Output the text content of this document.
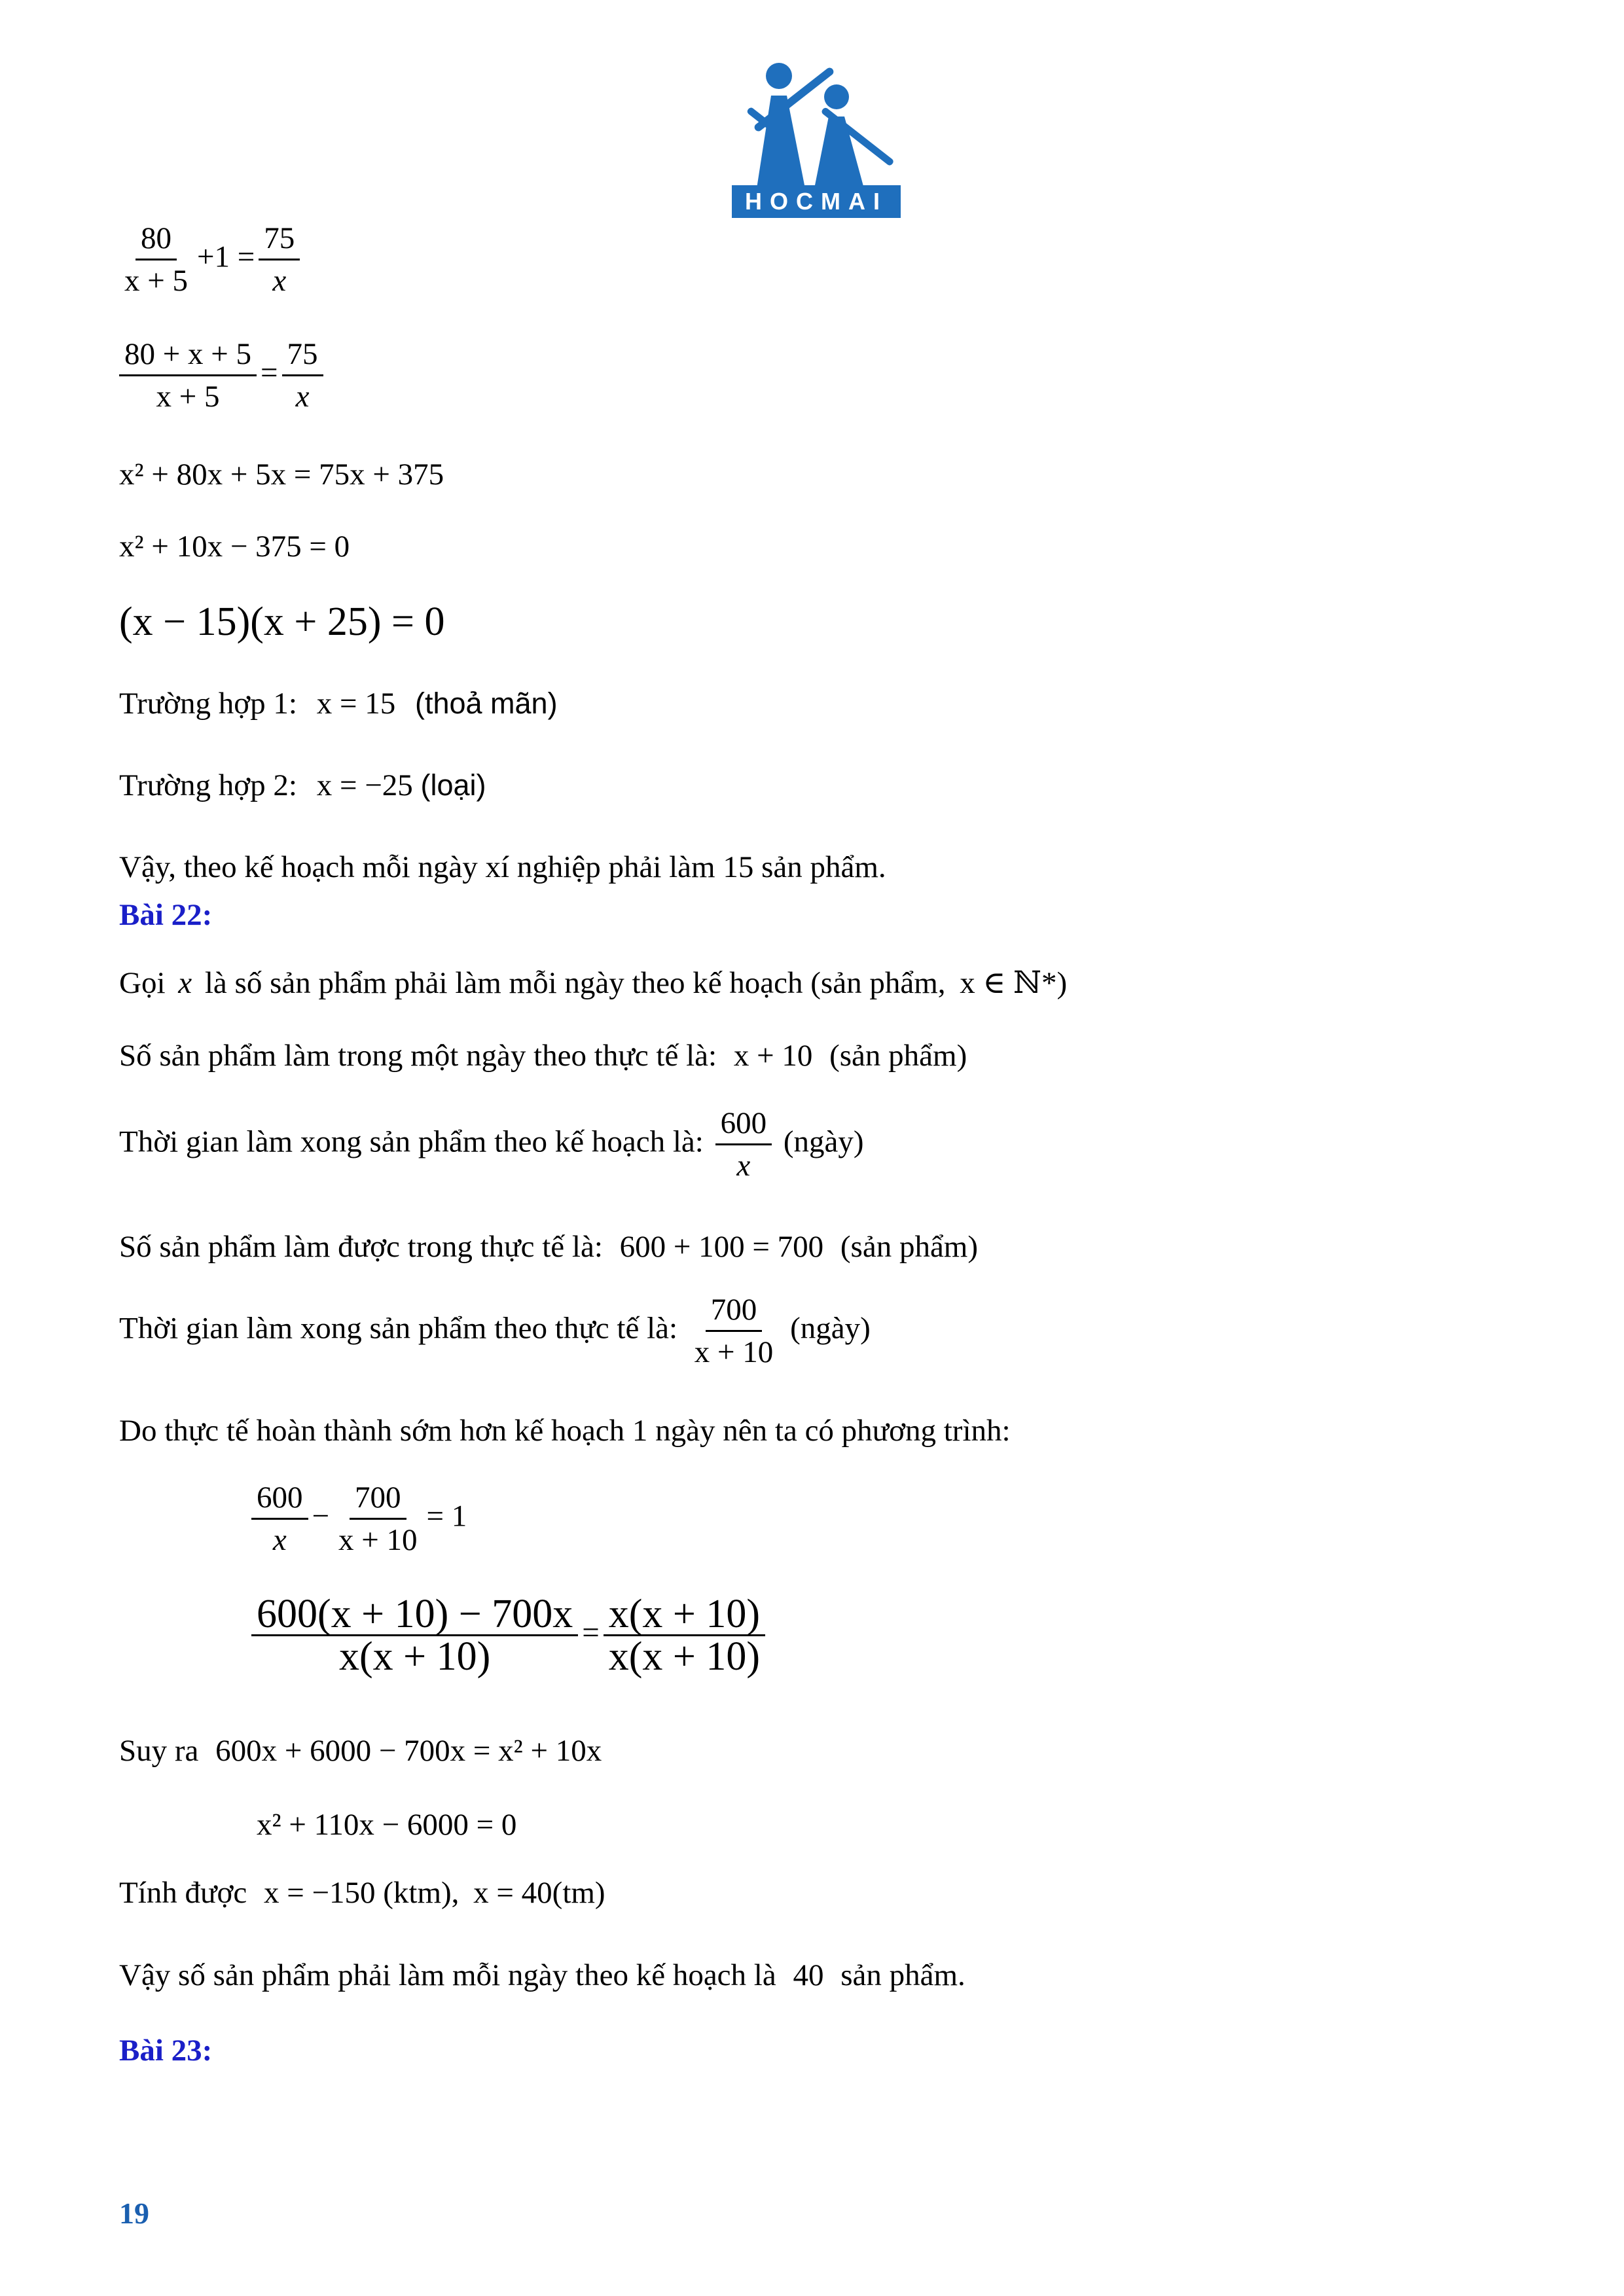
HOCMAI
$\frac{80}{x + 5} +1 = \frac{75}{x}$
$\frac{80 + x + 5}{x + 5} = \frac{75}{x}$
x² + 80x + 5x = 75x + 375
x² + 10x − 375 = 0
(x − 15)(x + 25) = 0
Trường hợp 1: x = 15 (thoả mãn)
Trường hợp 2: x = −25 (loại)
Vậy, theo kế hoạch mỗi ngày xí nghiệp phải làm 15 sản phẩm.
Bài 22:
Gọi x là số sản phẩm phải làm mỗi ngày theo kế hoạch (sản phẩm, x ∈ ℕ*)
Số sản phẩm làm trong một ngày theo thực tế là: x + 10 (sản phẩm)
Thời gian làm xong sản phẩm theo kế hoạch là: $\frac{600}{x}$ (ngày)
Số sản phẩm làm được trong thực tế là: 600 + 100 = 700 (sản phẩm)
Thời gian làm xong sản phẩm theo thực tế là: $\frac{700}{x + 10}$ (ngày)
Do thực tế hoàn thành sớm hơn kế hoạch 1 ngày nên ta có phương trình:
$\frac{600}{x} - \frac{700}{x + 10} = 1$
$\frac{600(x + 10) - 700x}{x(x + 10)} = \frac{x(x + 10)}{x(x + 10)}$
Suy ra 600x + 6000 − 700x = x² + 10x
x² + 110x − 6000 = 0
Tính được x = −150 (ktm), x = 40(tm)
Vậy số sản phẩm phải làm mỗi ngày theo kế hoạch là 40 sản phẩm.
Bài 23:
19
